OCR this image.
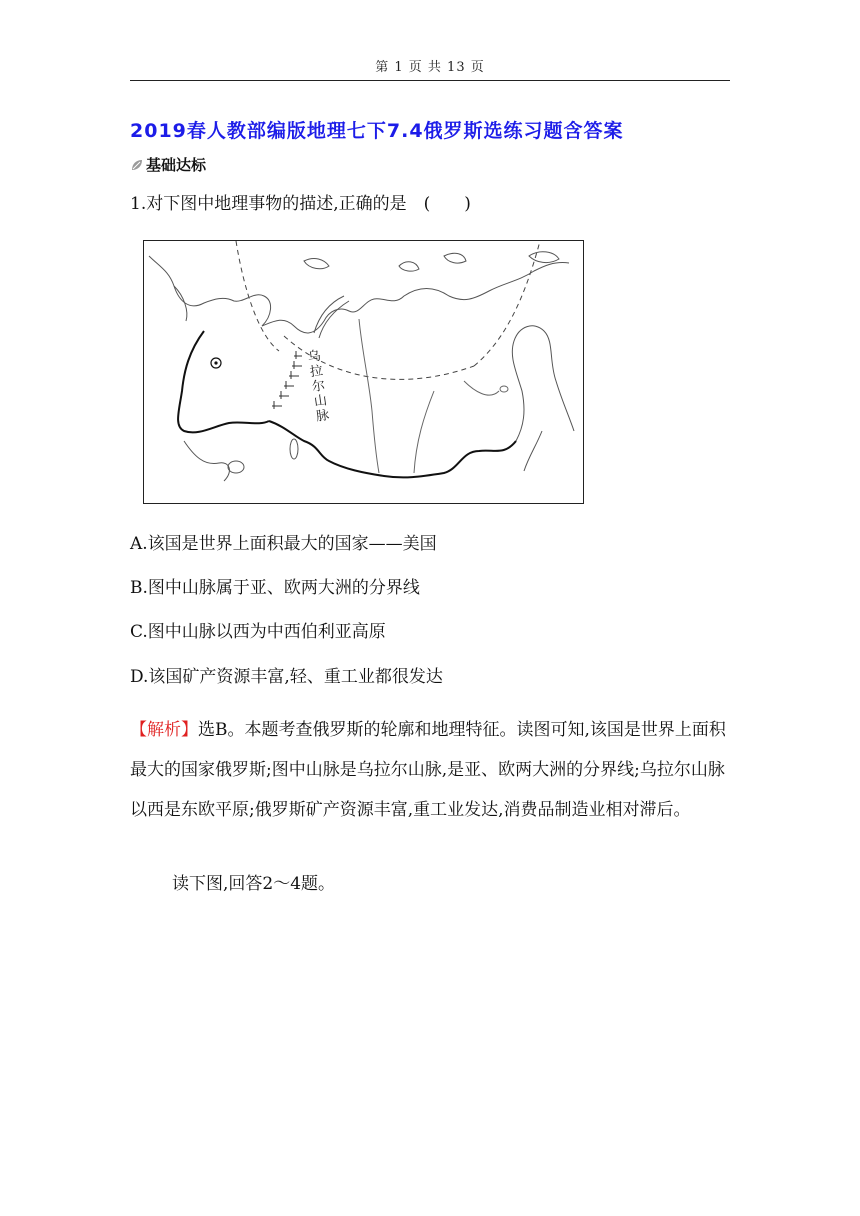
第 1 页 共 13 页
2019春人教部编版地理七下7.4俄罗斯选练习题含答案
基础达标
1.对下图中地理事物的描述,正确的是　(　　)
乌拉尔山脉
A.该国是世界上面积最大的国家——美国
B.图中山脉属于亚、欧两大洲的分界线
C.图中山脉以西为中西伯利亚高原
D.该国矿产资源丰富,轻、重工业都很发达
【解析】选B。本题考查俄罗斯的轮廓和地理特征。读图可知,该国是世界上面积最大的国家俄罗斯;图中山脉是乌拉尔山脉,是亚、欧两大洲的分界线;乌拉尔山脉以西是东欧平原;俄罗斯矿产资源丰富,重工业发达,消费品制造业相对滞后。
读下图,回答2～4题。
